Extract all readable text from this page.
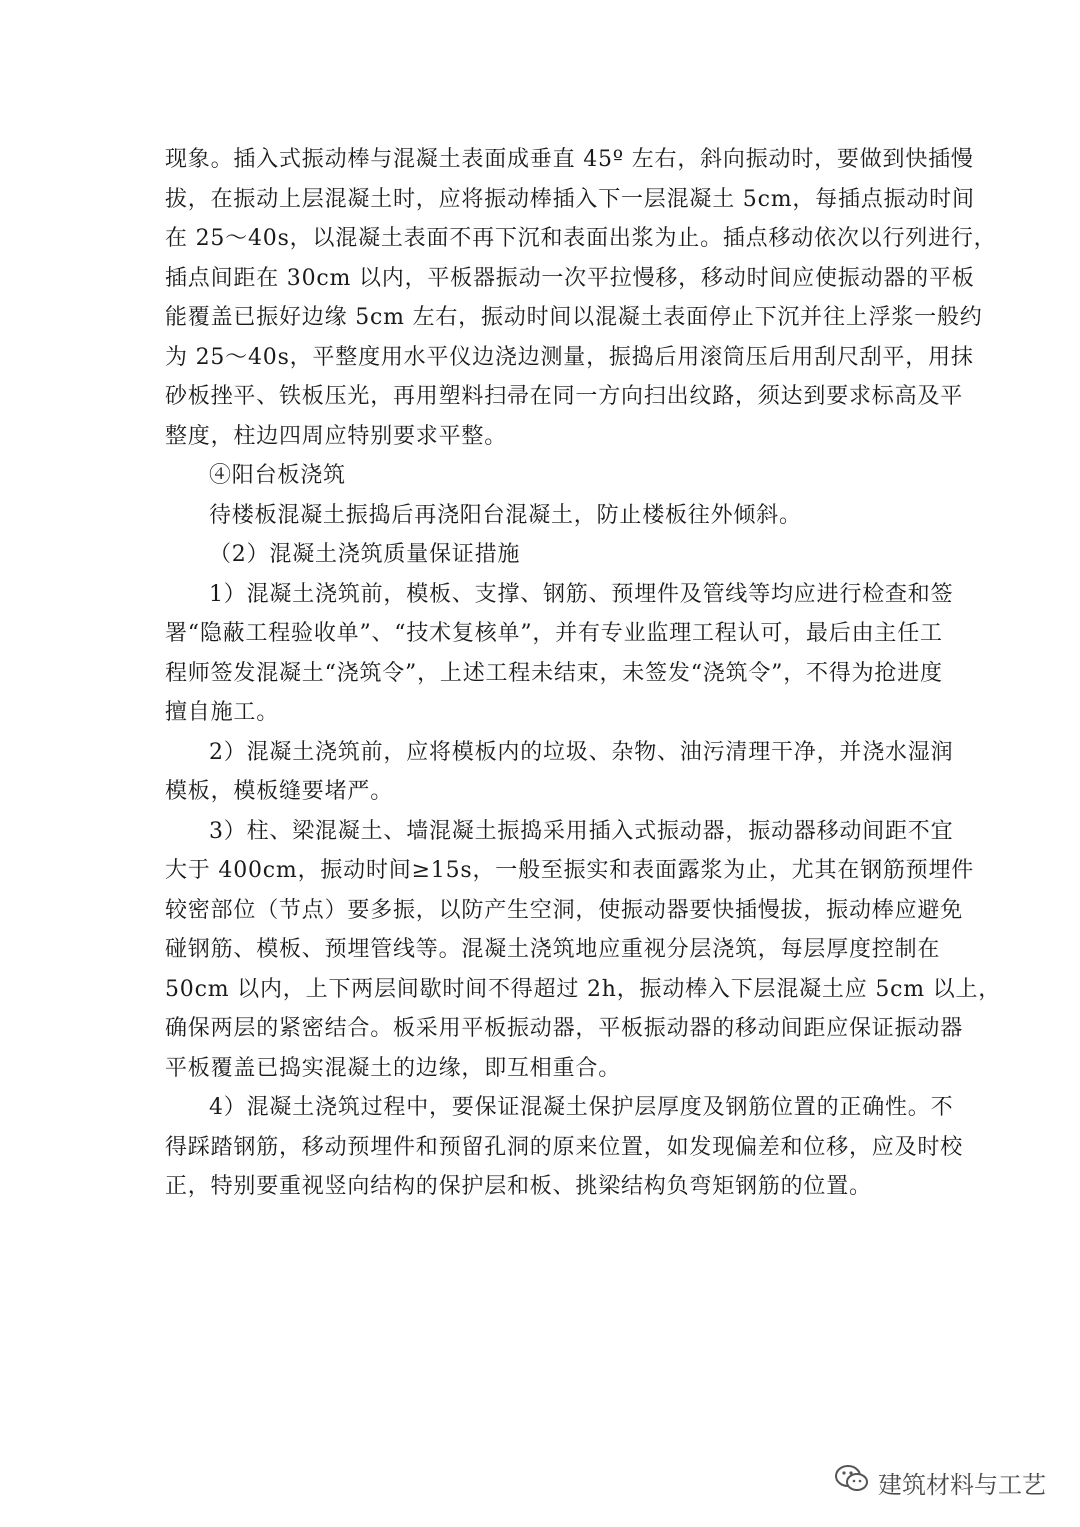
现象。插入式振动棒与混凝土表面成垂直 45º 左右，斜向振动时，要做到快插慢
拔，在振动上层混凝土时，应将振动棒插入下一层混凝土 5cm，每插点振动时间
在 25～40s，以混凝土表面不再下沉和表面出浆为止。插点移动依次以行列进行，
插点间距在 30cm 以内，平板器振动一次平拉慢移，移动时间应使振动器的平板
能覆盖已振好边缘 5cm 左右，振动时间以混凝土表面停止下沉并往上浮浆一般约
为 25～40s，平整度用水平仪边浇边测量，振捣后用滚筒压后用刮尺刮平，用抹
砂板挫平、铁板压光，再用塑料扫帚在同一方向扫出纹路，须达到要求标高及平
整度，柱边四周应特别要求平整。
④阳台板浇筑
待楼板混凝土振捣后再浇阳台混凝土，防止楼板往外倾斜。
（2）混凝土浇筑质量保证措施
1）混凝土浇筑前，模板、支撑、钢筋、预埋件及管线等均应进行检查和签
署“隐蔽工程验收单”、“技术复核单”，并有专业监理工程认可，最后由主任工
程师签发混凝土“浇筑令”，上述工程未结束，未签发“浇筑令”，不得为抢进度
擅自施工。
2）混凝土浇筑前，应将模板内的垃圾、杂物、油污清理干净，并浇水湿润
模板，模板缝要堵严。
3）柱、梁混凝土、墙混凝土振捣采用插入式振动器，振动器移动间距不宜
大于 400cm，振动时间≥15s，一般至振实和表面露浆为止，尤其在钢筋预埋件
较密部位（节点）要多振，以防产生空洞，使振动器要快插慢拔，振动棒应避免
碰钢筋、模板、预埋管线等。混凝土浇筑地应重视分层浇筑，每层厚度控制在
50cm 以内，上下两层间歇时间不得超过 2h，振动棒入下层混凝土应 5cm 以上，
确保两层的紧密结合。板采用平板振动器，平板振动器的移动间距应保证振动器
平板覆盖已捣实混凝土的边缘，即互相重合。
4）混凝土浇筑过程中，要保证混凝土保护层厚度及钢筋位置的正确性。不
得踩踏钢筋，移动预埋件和预留孔洞的原来位置，如发现偏差和位移，应及时校
正，特别要重视竖向结构的保护层和板、挑梁结构负弯矩钢筋的位置。
建筑材料与工艺
